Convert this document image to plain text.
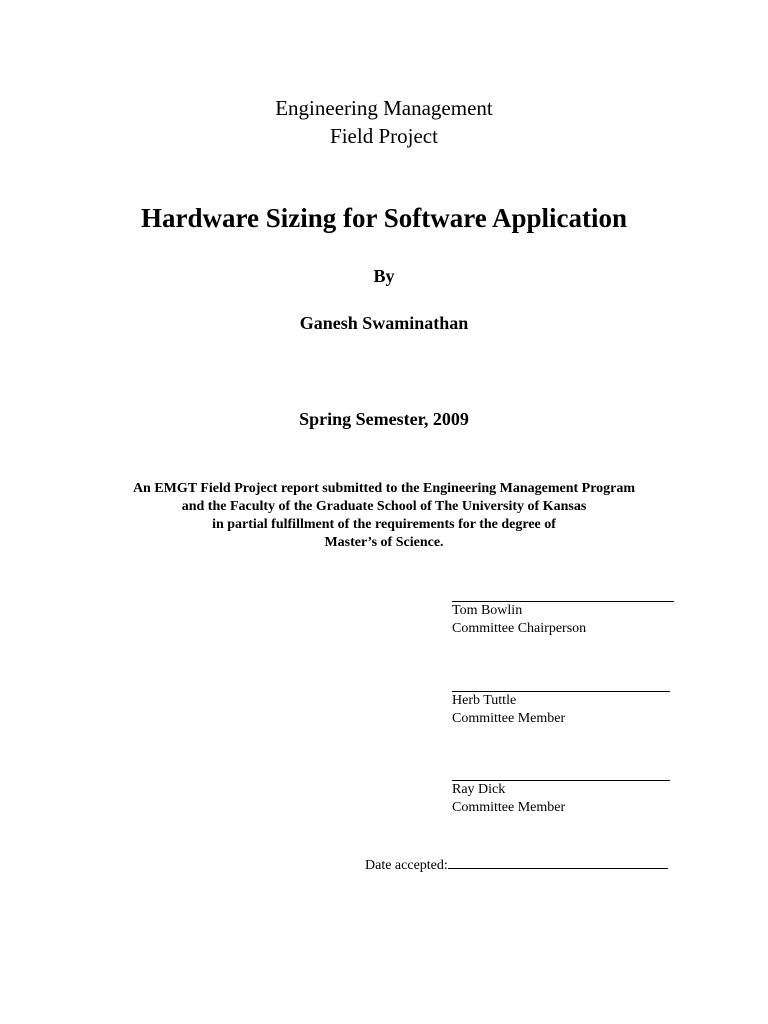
Engineering Management
Field Project
Hardware Sizing for Software Application
By
Ganesh Swaminathan
Spring Semester, 2009
An EMGT Field Project report submitted to the Engineering Management Program
and the Faculty of the Graduate School of The University of Kansas
in partial fulfillment of the requirements for the degree of
Master’s of Science.
Tom Bowlin
Committee Chairperson
Herb Tuttle
Committee Member
Ray Dick
Committee Member
Date accepted:
